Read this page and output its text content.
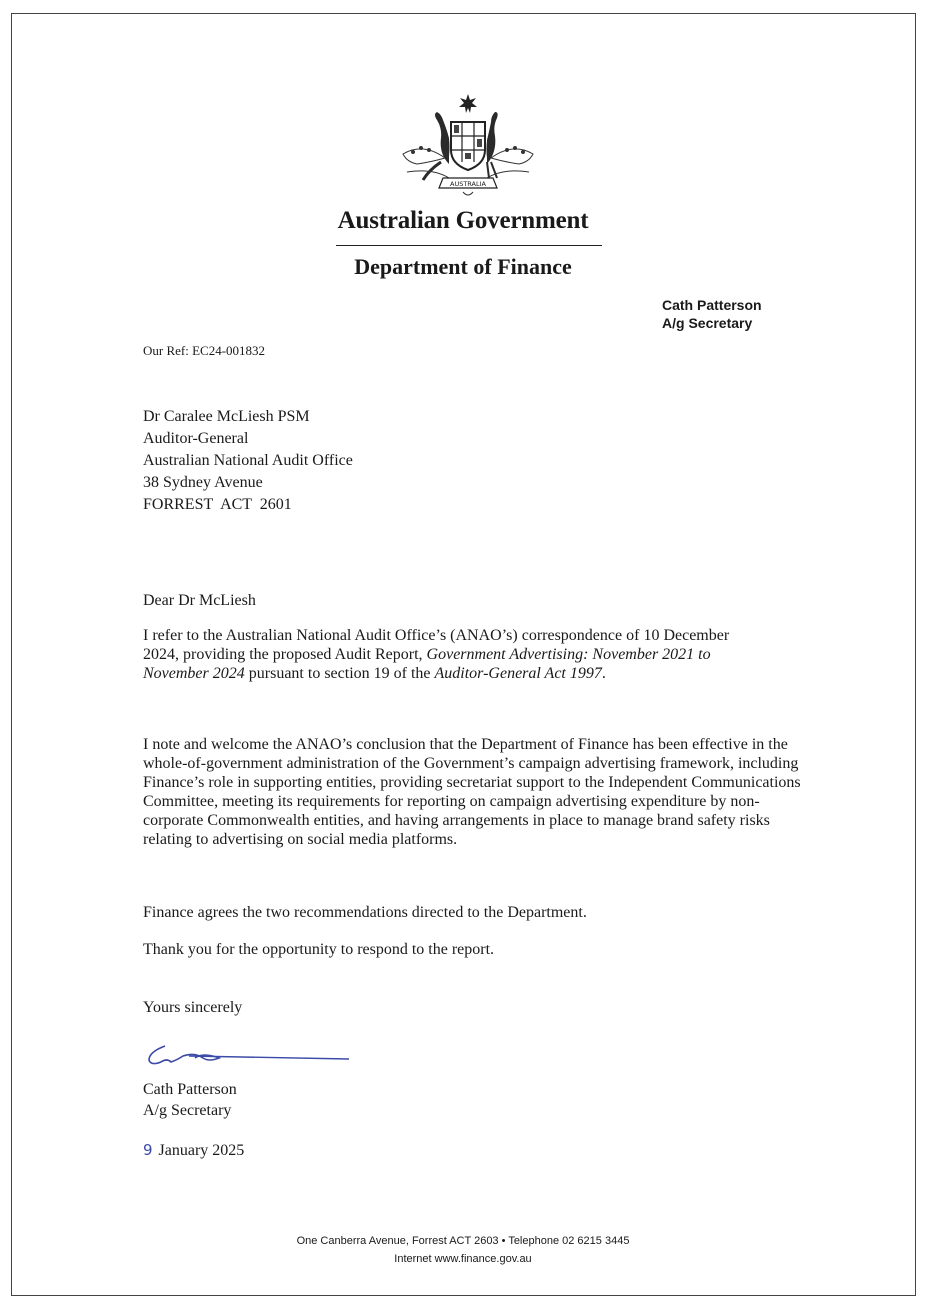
AUSTRALIA
Australian Government
Department of Finance
Cath Patterson
A/g Secretary
Our Ref: EC24-001832
Dr Caralee McLiesh PSM
Auditor-General
Australian National Audit Office
38 Sydney Avenue
FORREST  ACT  2601

Dear Dr McLiesh

I refer to the Australian National Audit Office’s (ANAO’s) correspondence of 10 December 2024, providing the proposed Audit Report, Government Advertising: November 2021 to November 2024 pursuant to section 19 of the Auditor-General Act 1997.

I note and welcome the ANAO’s conclusion that the Department of Finance has been effective in the whole-of-government administration of the Government’s campaign advertising framework, including Finance’s role in supporting entities, providing secretariat support to the Independent Communications Committee, meeting its requirements for reporting on campaign advertising expenditure by non-corporate Commonwealth entities, and having arrangements in place to manage brand safety risks relating to advertising on social media platforms.

Finance agrees the two recommendations directed to the Department.

Thank you for the opportunity to respond to the report.

Yours sincerely

Cath Patterson
A/g Secretary
9 January 2025
One Canberra Avenue, Forrest ACT 2603 • Telephone 02 6215 3445
Internet www.finance.gov.au
